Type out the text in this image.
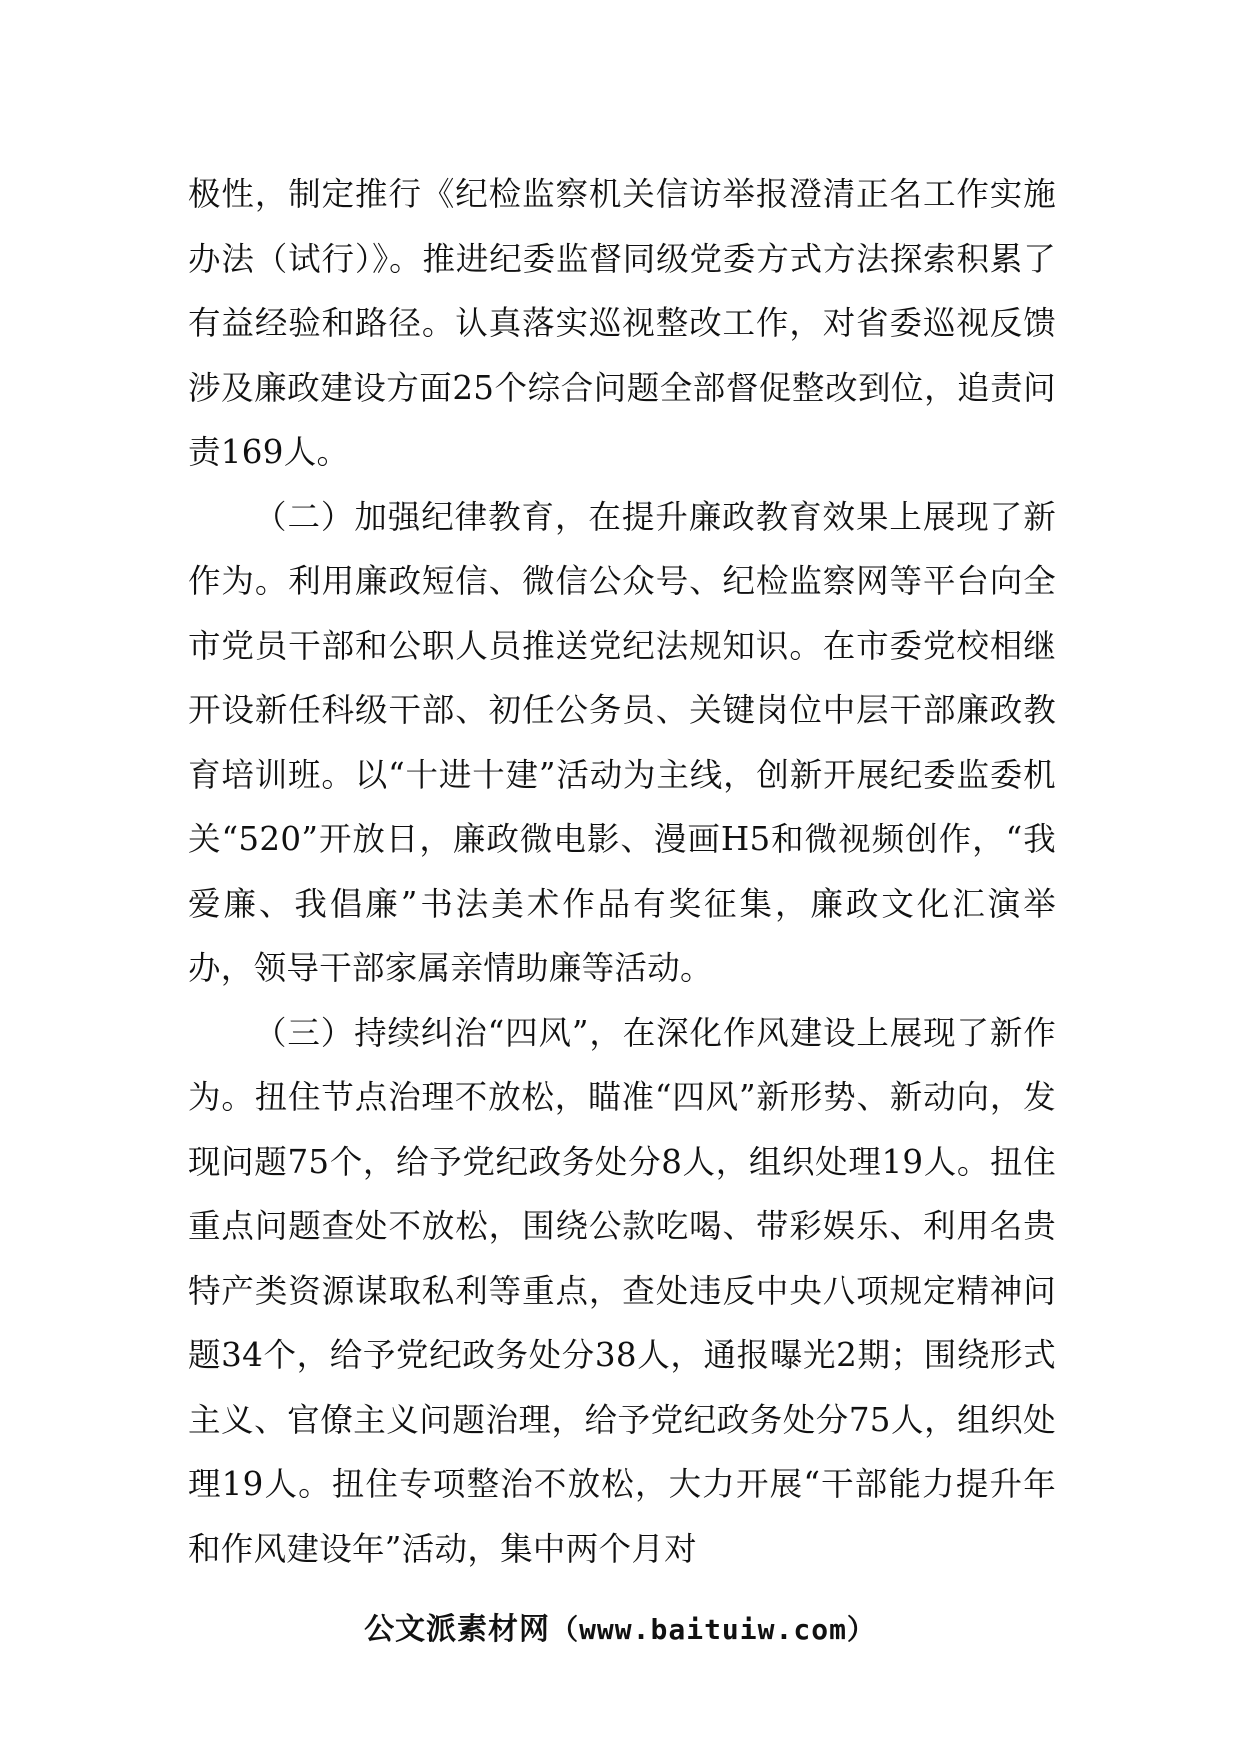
极性，制定推行《纪检监察机关信访举报澄清正名工作实施办法（试行）》。推进纪委监督同级党委方式方法探索积累了有益经验和路径。认真落实巡视整改工作，对省委巡视反馈涉及廉政建设方面25个综合问题全部督促整改到位，追责问责169人。

（二）加强纪律教育，在提升廉政教育效果上展现了新作为。利用廉政短信、微信公众号、纪检监察网等平台向全市党员干部和公职人员推送党纪法规知识。在市委党校相继开设新任科级干部、初任公务员、关键岗位中层干部廉政教育培训班。以“十进十建”活动为主线，创新开展纪委监委机关“520”开放日，廉政微电影、漫画H5和微视频创作，“我爱廉、我倡廉”书法美术作品有奖征集，廉政文化汇演举办，领导干部家属亲情助廉等活动。

（三）持续纠治“四风”，在深化作风建设上展现了新作为。扭住节点治理不放松，瞄准“四风”新形势、新动向，发现问题75个，给予党纪政务处分8人，组织处理19人。扭住重点问题查处不放松，围绕公款吃喝、带彩娱乐、利用名贵特产类资源谋取私利等重点，查处违反中央八项规定精神问题34个，给予党纪政务处分38人，通报曝光2期；围绕形式主义、官僚主义问题治理，给予党纪政务处分75人，组织处理19人。扭住专项整治不放松，大力开展“干部能力提升年和作风建设年”活动，集中两个月对

公文派素材网（www.baituiw.com）
